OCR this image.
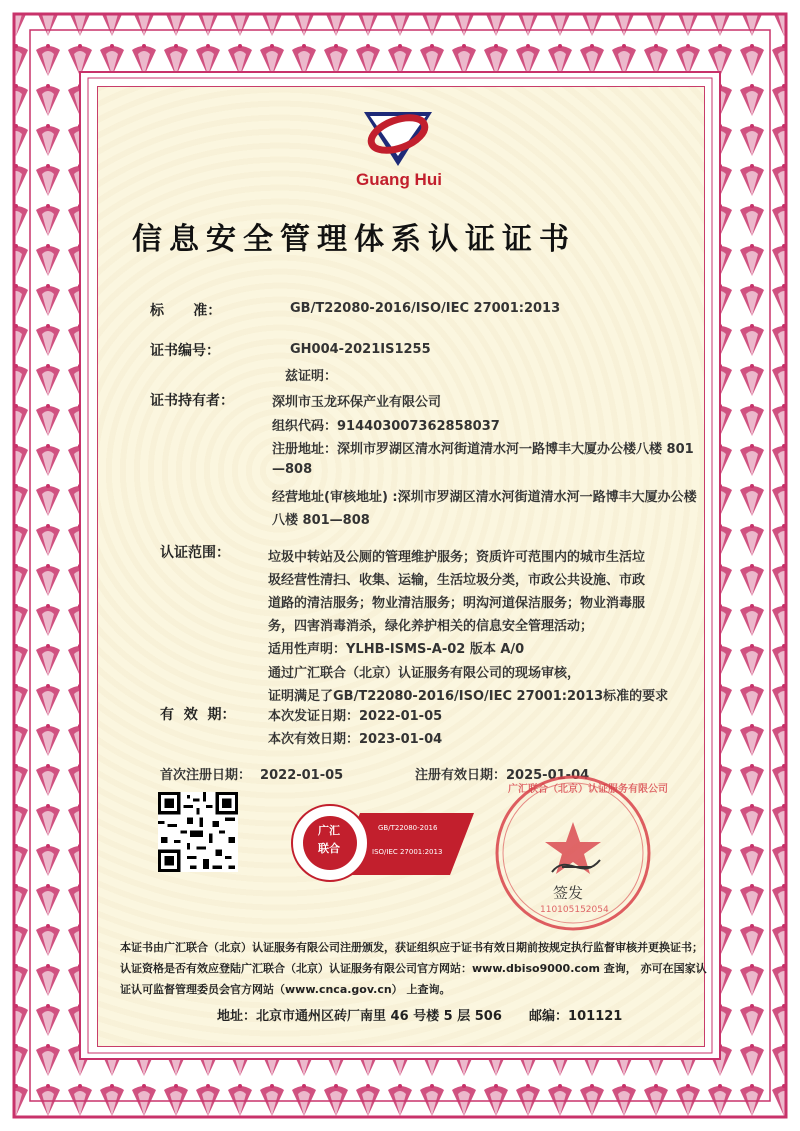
Guang Hui
信息安全管理体系认证证书
标      准：	GB/T22080-2016/ISO/IEC 27001:2013
证书编号：	GH004-2021IS1255
兹证明：
证书持有者：	深圳市玉龙环保产业有限公司
组织代码：914403007362858037
注册地址：深圳市罗湖区清水河街道清水河一路博丰大厦办公楼八楼 801
—808
经营地址(审核地址) :深圳市罗湖区清水河街道清水河一路博丰大厦办公楼
八楼 801—808
认证范围：	垃圾中转站及公厕的管理维护服务；资质许可范围内的城市生活垃
圾经营性清扫、收集、运输，生活垃圾分类，市政公共设施、市政
道路的清洁服务；物业清洁服务；明沟河道保洁服务；物业消毒服
务，四害消毒消杀，绿化养护相关的信息安全管理活动；
适用性声明：YLHB-ISMS-A-02 版本 A/0
通过广汇联合（北京）认证服务有限公司的现场审核，
证明满足了GB/T22080-2016/ISO/IEC 27001:2013标准的要求
有  效  期：	本次发证日期：2022-01-05
本次有效日期：2023-01-04
首次注册日期：  2022-01-05	注册有效日期：2025-01-04
广汇
联合
GB/T22080-2016
ISO/IEC 27001:2013
广汇联合（北京）认证服务有限公司
签发
110105152054
本证书由广汇联合（北京）认证服务有限公司注册颁发，获证组织应于证书有效日期前按规定执行监督审核并更换证书；
认证资格是否有效应登陆广汇联合（北京）认证服务有限公司官方网站：www.dbiso9000.com 查询， 亦可在国家认
证认可监督管理委员会官方网站（www.cnca.gov.cn） 上查询。
地址：北京市通州区砖厂南里 46 号楼 5 层 506      邮编：101121
